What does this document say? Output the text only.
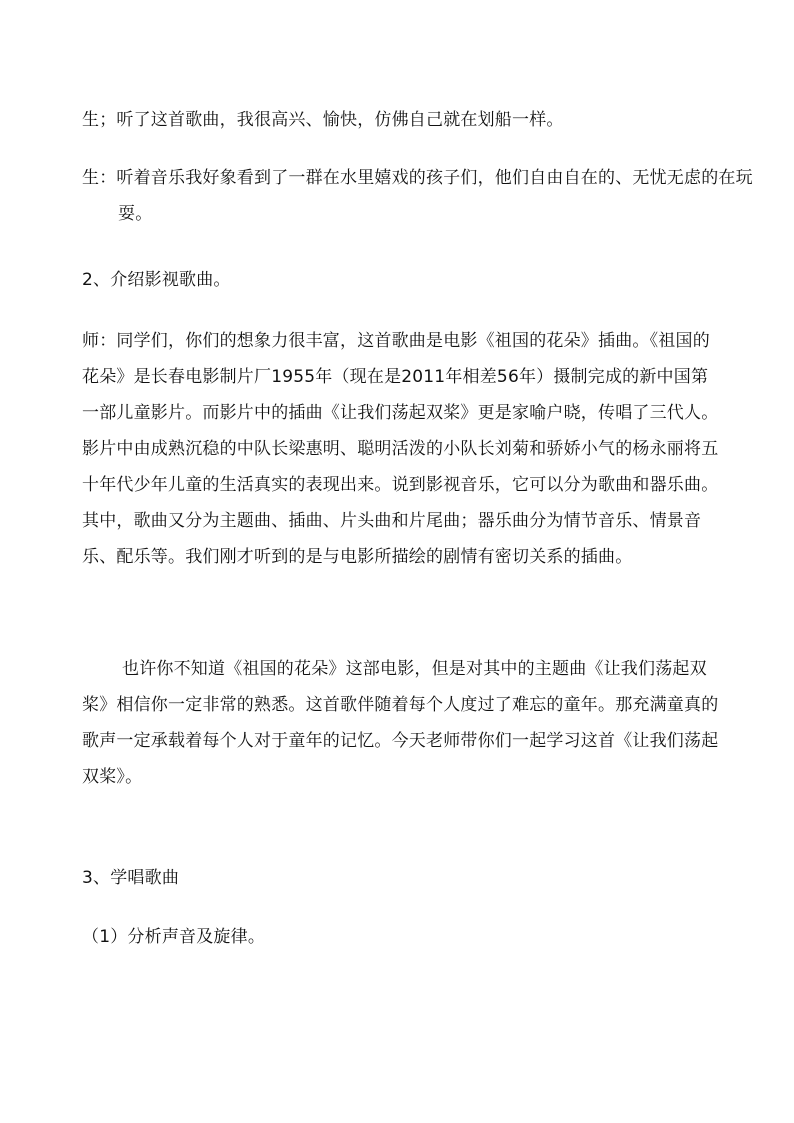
生；听了这首歌曲，我很高兴、愉快，仿佛自己就在划船一样。

生：听着音乐我好象看到了一群在水里嬉戏的孩子们，他们自由自在的、无忧无虑的在玩耍。

2、介绍影视歌曲。

师：同学们，你们的想象力很丰富，这首歌曲是电影《祖国的花朵》插曲。《祖国的花朵》是长春电影制片厂1955年（现在是2011年相差56年）摄制完成的新中国第一部儿童影片。而影片中的插曲《让我们荡起双桨》更是家喻户晓，传唱了三代人。影片中由成熟沉稳的中队长梁惠明、聪明活泼的小队长刘菊和骄娇小气的杨永丽将五十年代少年儿童的生活真实的表现出来。说到影视音乐，它可以分为歌曲和器乐曲。其中，歌曲又分为主题曲、插曲、片头曲和片尾曲；器乐曲分为情节音乐、情景音乐、配乐等。我们刚才听到的是与电影所描绘的剧情有密切关系的插曲。

也许你不知道《祖国的花朵》这部电影，但是对其中的主题曲《让我们荡起双桨》相信你一定非常的熟悉。这首歌伴随着每个人度过了难忘的童年。那充满童真的歌声一定承载着每个人对于童年的记忆。今天老师带你们一起学习这首《让我们荡起双桨》。

3、学唱歌曲

（1）分析声音及旋律。
